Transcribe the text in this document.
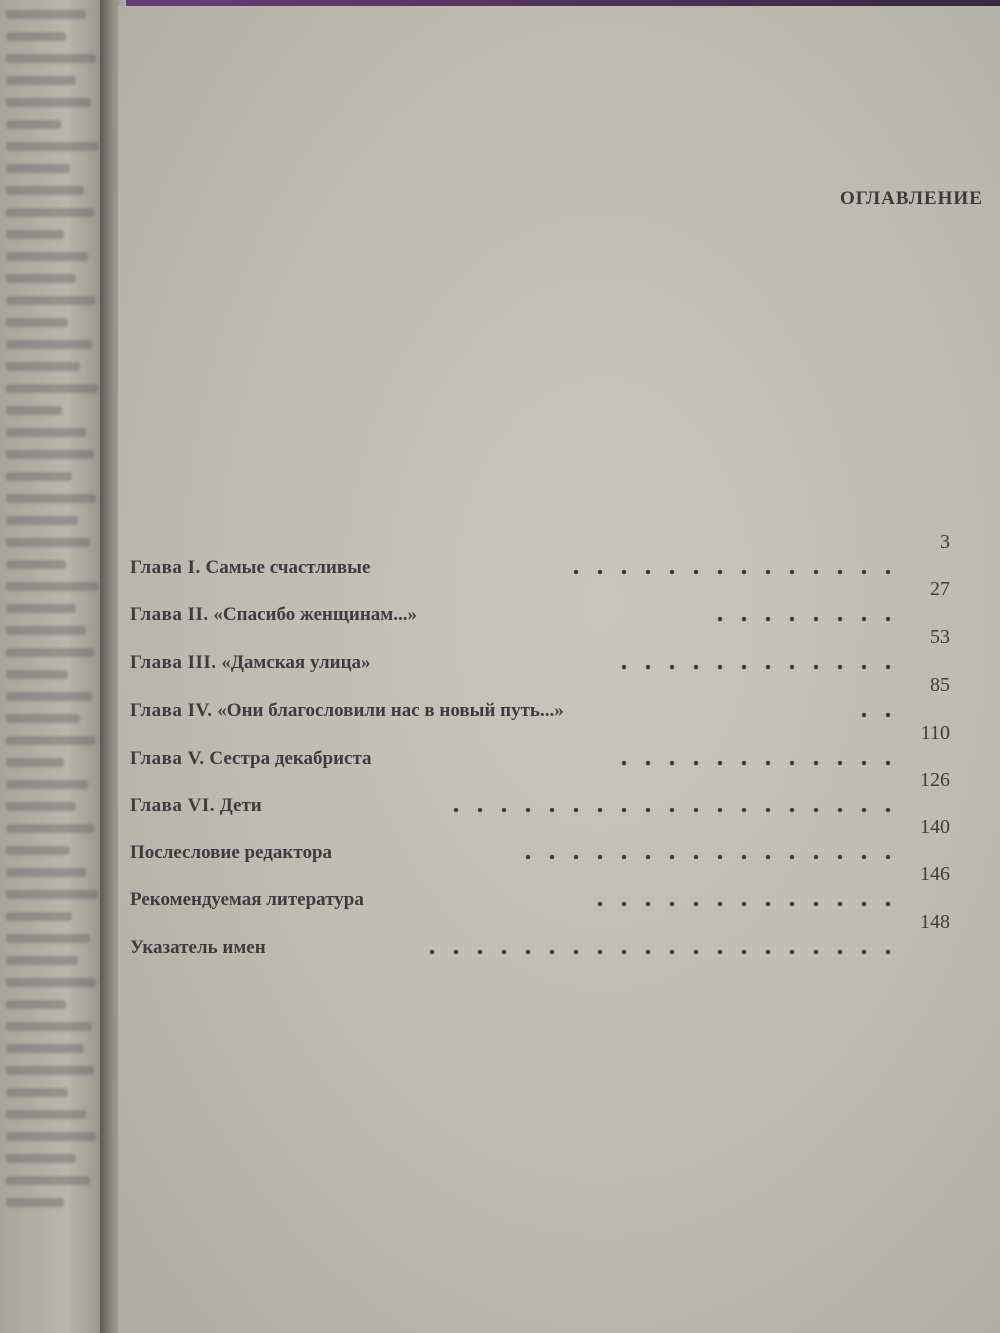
ОГЛАВЛЕНИЕ
Глава I. Самые счастливые
3
Глава II. «Спасибо женщинам...»
27
Глава III. «Дамская улица»
53
Глава IV. «Они благословили нас в новый путь...»
85
Глава V. Сестра декабриста
110
Глава VI. Дети
126
Послесловие редактора
140
Рекомендуемая литература
146
Указатель имен
148
